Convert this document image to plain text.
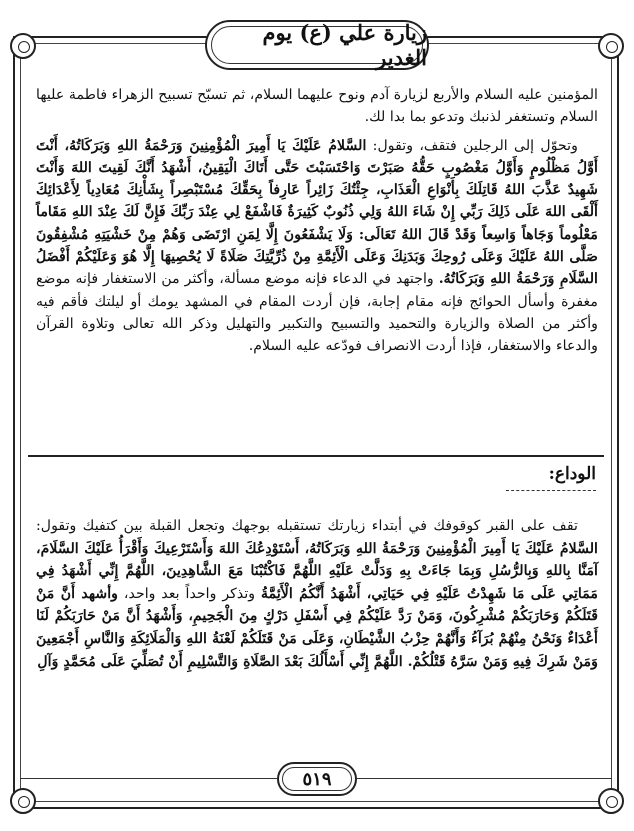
زيارة علي (ع) يوم الغدير

المؤمنين عليه السلام والأربع لزيارة آدم ونوح عليهما السلام، ثم تسبّح تسبيح الزهراء فاطمة عليها السلام وتستغفر لذنبك وتدعو بما بدا لك.

وتحوّل إلى الرجلين فتقف، وتقول: السَّلامُ عَلَيْكَ يَا أَمِيرَ الْمُؤْمِنِينَ وَرَحْمَةُ اللهِ وَبَرَكَاتُهُ، أَنْتَ أَوَّلُ مَظْلُومٍ وَأَوَّلُ مَغْصُوبٍ حَقُّهُ صَبَرْتَ وَاحْتَسَبْتَ حَتَّى أَتَاكَ الْيَقِينُ، أَشْهَدُ أَنَّكَ لَقِيتَ اللهَ وَأَنْتَ شَهِيدٌ عَذَّبَ اللهُ قَاتِلَكَ بِأَنْوَاعِ الْعَذَابِ، جِئْتُكَ زَائِراً عَارِفاً بِحَقِّكَ مُسْتَبْصِراً بِشَأْنِكَ مُعَادِياً لِأَعْدَائِكَ أَلْقَى اللهَ عَلَى ذَلِكَ رَبِّي إِنْ شَاءَ اللهُ وَلِي ذُنُوبٌ كَثِيرَةٌ فَاشْفَعْ لِي عِنْدَ رَبِّكَ فَإِنَّ لَكَ عِنْدَ اللهِ مَقَاماً مَعْلُوماً وَجَاهاً وَاسِعاً وَقَدْ قَالَ اللهُ تَعَالَى: وَلَا يَشْفَعُونَ إِلَّا لِمَنِ ارْتَضَى وَهُمْ مِنْ خَشْيَتِهِ مُشْفِقُونَ صَلَّى اللهُ عَلَيْكَ وَعَلَى رُوحِكَ وَبَدَنِكَ وَعَلَى الْأَئِمَّةِ مِنْ ذُرِّيَّتِكَ صَلَاةً لَا يُحْصِيهَا إِلَّا هُوَ وَعَلَيْكُمْ أَفْضَلُ السَّلَامِ وَرَحْمَةُ اللهِ وَبَرَكَاتُهُ. واجتهد في الدعاء فإنه موضع مسألة، وأكثر من الاستغفار فإنه موضع مغفرة وأسأل الحوائج فإنه مقام إجابة، فإن أردت المقام في المشهد يومك أو ليلتك فأقم فيه وأكثر من الصلاة والزيارة والتحميد والتسبيح والتكبير والتهليل وذكر الله تعالى وتلاوة القرآن والدعاء والاستغفار، فإذا أردت الانصراف فودّعه عليه السلام.

الوداع:

تقف على القبر كوقوفك في أبتداء زيارتك تستقبله بوجهك وتجعل القبلة بين كتفيك وتقول: السَّلامُ عَلَيْكَ يَا أَمِيرَ الْمُؤْمِنِينَ وَرَحْمَةُ اللهِ وَبَرَكَاتُهُ، أَسْتَوْدِعُكَ اللهَ وَأَسْتَرْعِيكَ وَأَقْرَأُ عَلَيْكَ السَّلَامَ، آمَنَّا بِاللهِ وَبِالرُّسُلِ وَبِمَا جَاءَتْ بِهِ وَدَلَّتْ عَلَيْهِ اللَّهُمَّ فَاكْتُبْنَا مَعَ الشَّاهِدِينَ، اللَّهُمَّ إِنِّي أَشْهَدُ فِي مَمَاتِي عَلَى مَا شَهِدْتُ عَلَيْهِ فِي حَيَاتِي، أَشْهَدُ أَنَّكُمُ الْأَئِمَّةُ وتذكر واحداً بعد واحد، وأشهد أَنَّ مَنْ قَتَلَكُمْ وَحَارَبَكُمْ مُشْرِكُونَ، وَمَنْ رَدَّ عَلَيْكُمْ فِي أَسْفَلِ دَرْكٍ مِنَ الْجَحِيمِ، وَأَشْهَدُ أَنَّ مَنْ حَارَبَكُمْ لَنَا أَعْدَاءٌ وَنَحْنُ مِنْهُمْ بُرَآءُ وَأَنَّهُمْ حِزْبُ الشَّيْطَانِ، وَعَلَى مَنْ قَتَلَكُمْ لَعْنَةُ اللهِ وَالْمَلَائِكَةِ وَالنَّاسِ أَجْمَعِينَ وَمَنْ شَرِكَ فِيهِ وَمَنْ سَرَّهُ قَتْلُكُمْ. اللَّهُمَّ إِنِّي أَسْأَلُكَ بَعْدَ الصَّلَاةِ وَالتَّسْلِيمِ أَنْ تُصَلِّيَ عَلَى مُحَمَّدٍ وَآلِ

٥١٩
